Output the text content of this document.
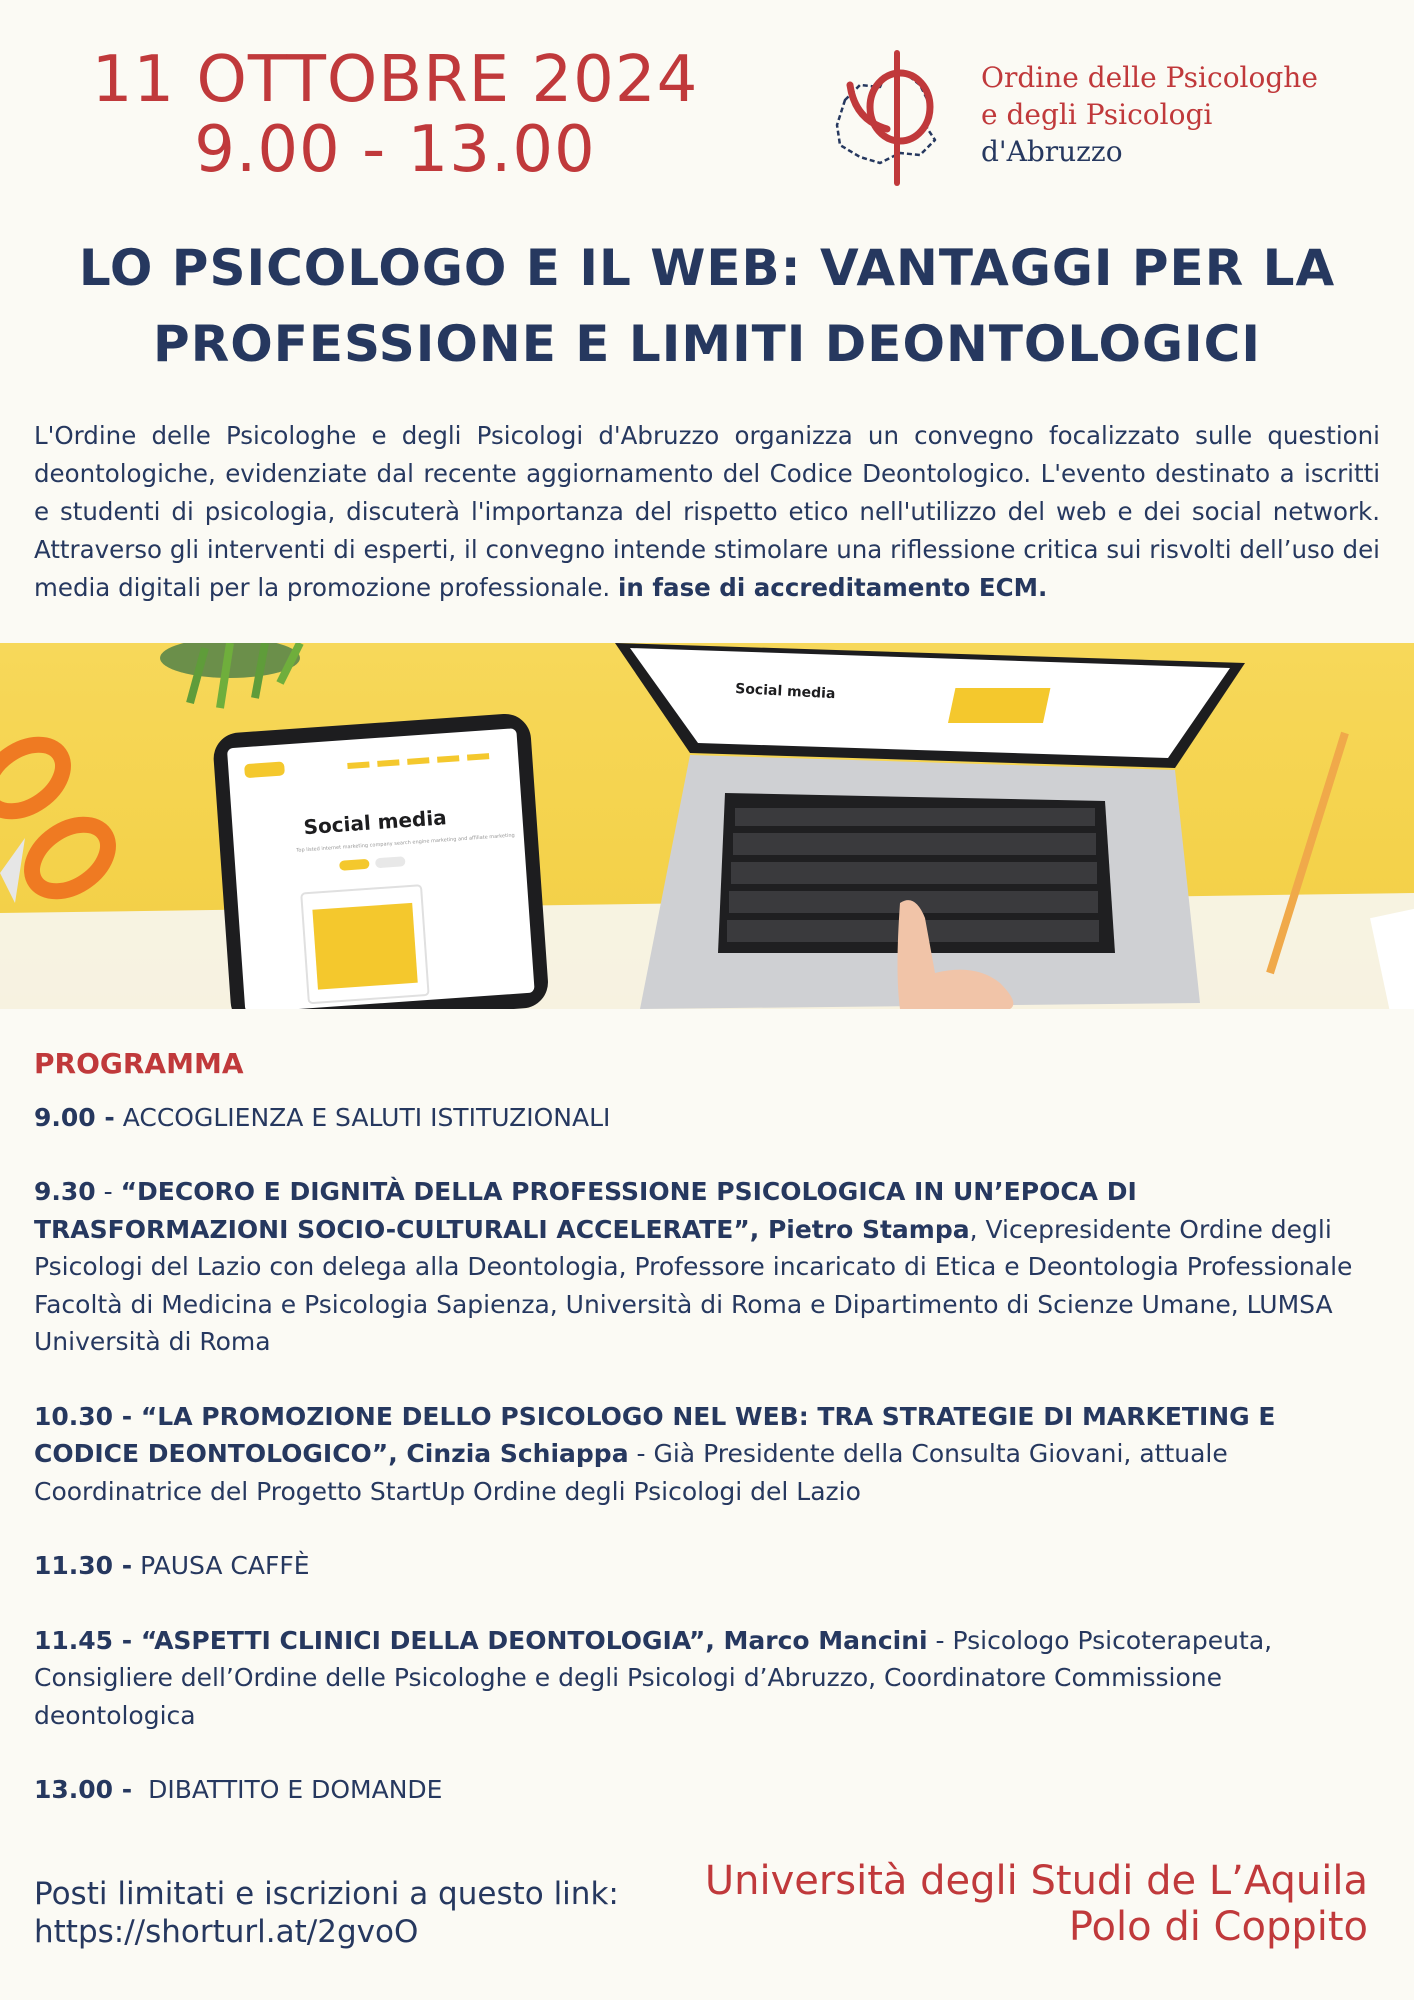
11 OTTOBRE 2024
9.00 - 13.00
Ordine delle Psicologhe
e degli Psicologi
d'Abruzzo
LO PSICOLOGO E IL WEB: VANTAGGI PER LA
PROFESSIONE E LIMITI DEONTOLOGICI
L'Ordine delle Psicologhe e degli Psicologi d'Abruzzo organizza un convegno focalizzato sulle questioni deontologiche, evidenziate dal recente aggiornamento del Codice Deontologico. L'evento destinato a iscritti e studenti di psicologia, discuterà l'importanza del rispetto etico nell'utilizzo del web e dei social network. Attraverso gli interventi di esperti, il convegno intende stimolare una riflessione critica sui risvolti dell’uso dei media digitali per la promozione professionale. in fase di accreditamento ECM.
Social media
Top listed internet marketing company search engine marketing and affiliate marketing
Social media
PROGRAMMA
9.00 - ACCOGLIENZA E SALUTI ISTITUZIONALI
9.30 - “DECORO E DIGNITÀ DELLA PROFESSIONE PSICOLOGICA IN UN’EPOCA DI TRASFORMAZIONI SOCIO-CULTURALI ACCELERATE”, Pietro Stampa, Vicepresidente Ordine degli Psicologi del Lazio con delega alla Deontologia, Professore incaricato di Etica e Deontologia Professionale Facoltà di Medicina e Psicologia Sapienza, Università di Roma e Dipartimento di Scienze Umane, LUMSA Università di Roma
10.30 - “LA PROMOZIONE DELLO PSICOLOGO NEL WEB: TRA STRATEGIE DI MARKETING E CODICE DEONTOLOGICO”, Cinzia Schiappa - Già Presidente della Consulta Giovani, attuale Coordinatrice del Progetto StartUp Ordine degli Psicologi del Lazio
11.30 - PAUSA CAFFÈ
11.45 - “ASPETTI CLINICI DELLA DEONTOLOGIA”, Marco Mancini - Psicologo Psicoterapeuta, Consigliere dell’Ordine delle Psicologhe e degli Psicologi d’Abruzzo, Coordinatore Commissione deontologica
13.00 -  DIBATTITO E DOMANDE
Posti limitati e iscrizioni a questo link:
https://shorturl.at/2gvoO
Università degli Studi de L’Aquila
Polo di Coppito
